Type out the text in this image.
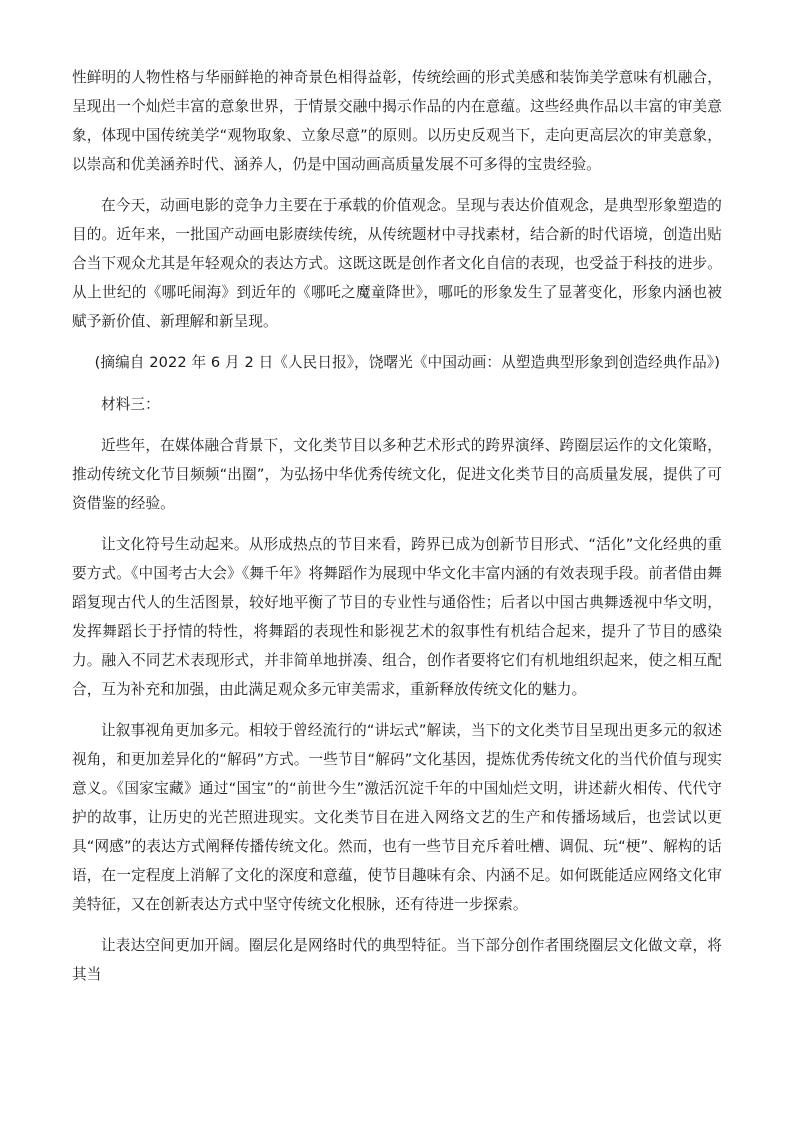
性鲜明的人物性格与华丽鲜艳的神奇景色相得益彰，传统绘画的形式美感和装饰美学意味有机融合，呈现出一个灿烂丰富的意象世界，于情景交融中揭示作品的内在意蕴。这些经典作品以丰富的审美意象，体现中国传统美学“观物取象、立象尽意”的原则。以历史反观当下，走向更高层次的审美意象，以崇高和优美涵养时代、涵养人，仍是中国动画高质量发展不可多得的宝贵经验。

在今天，动画电影的竞争力主要在于承载的价值观念。呈现与表达价值观念，是典型形象塑造的目的。近年来，一批国产动画电影赓续传统，从传统题材中寻找素材，结合新的时代语境，创造出贴合当下观众尤其是年轻观众的表达方式。这既这既是创作者文化自信的表现，也受益于科技的进步。从上世纪的《哪吒闹海》到近年的《哪吒之魔童降世》，哪吒的形象发生了显著变化，形象内涵也被赋予新价值、新理解和新呈现。

(摘编自 2022 年 6 月 2 日《人民日报》，饶曙光《中国动画：从塑造典型形象到创造经典作品》)

材料三：

近些年，在媒体融合背景下，文化类节目以多种艺术形式的跨界演绎、跨圈层运作的文化策略，推动传统文化节目频频“出圈”，为弘扬中华优秀传统文化，促进文化类节目的高质量发展，提供了可资借鉴的经验。

让文化符号生动起来。从形成热点的节目来看，跨界已成为创新节目形式、“活化”文化经典的重要方式。《中国考古大会》《舞千年》将舞蹈作为展现中华文化丰富内涵的有效表现手段。前者借由舞蹈复现古代人的生活图景，较好地平衡了节目的专业性与通俗性；后者以中国古典舞透视中华文明，发挥舞蹈长于抒情的特性，将舞蹈的表现性和影视艺术的叙事性有机结合起来，提升了节目的感染力。融入不同艺术表现形式，并非简单地拼凑、组合，创作者要将它们有机地组织起来，使之相互配合，互为补充和加强，由此满足观众多元审美需求，重新释放传统文化的魅力。

让叙事视角更加多元。相较于曾经流行的“讲坛式”解读，当下的文化类节目呈现出更多元的叙述视角，和更加差异化的“解码”方式。一些节目“解码”文化基因，提炼优秀传统文化的当代价值与现实意义。《国家宝藏》通过“国宝”的“前世今生”激活沉淀千年的中国灿烂文明，讲述薪火相传、代代守护的故事，让历史的光芒照进现实。文化类节目在进入网络文艺的生产和传播场域后，也尝试以更具“网感”的表达方式阐释传播传统文化。然而，也有一些节目充斥着吐槽、调侃、玩“梗”、解构的话语，在一定程度上消解了文化的深度和意蕴，使节目趣味有余、内涵不足。如何既能适应网络文化审美特征，又在创新表达方式中坚守传统文化根脉，还有待进一步探索。

让表达空间更加开阔。圈层化是网络时代的典型特征。当下部分创作者围绕圈层文化做文章，将其当
